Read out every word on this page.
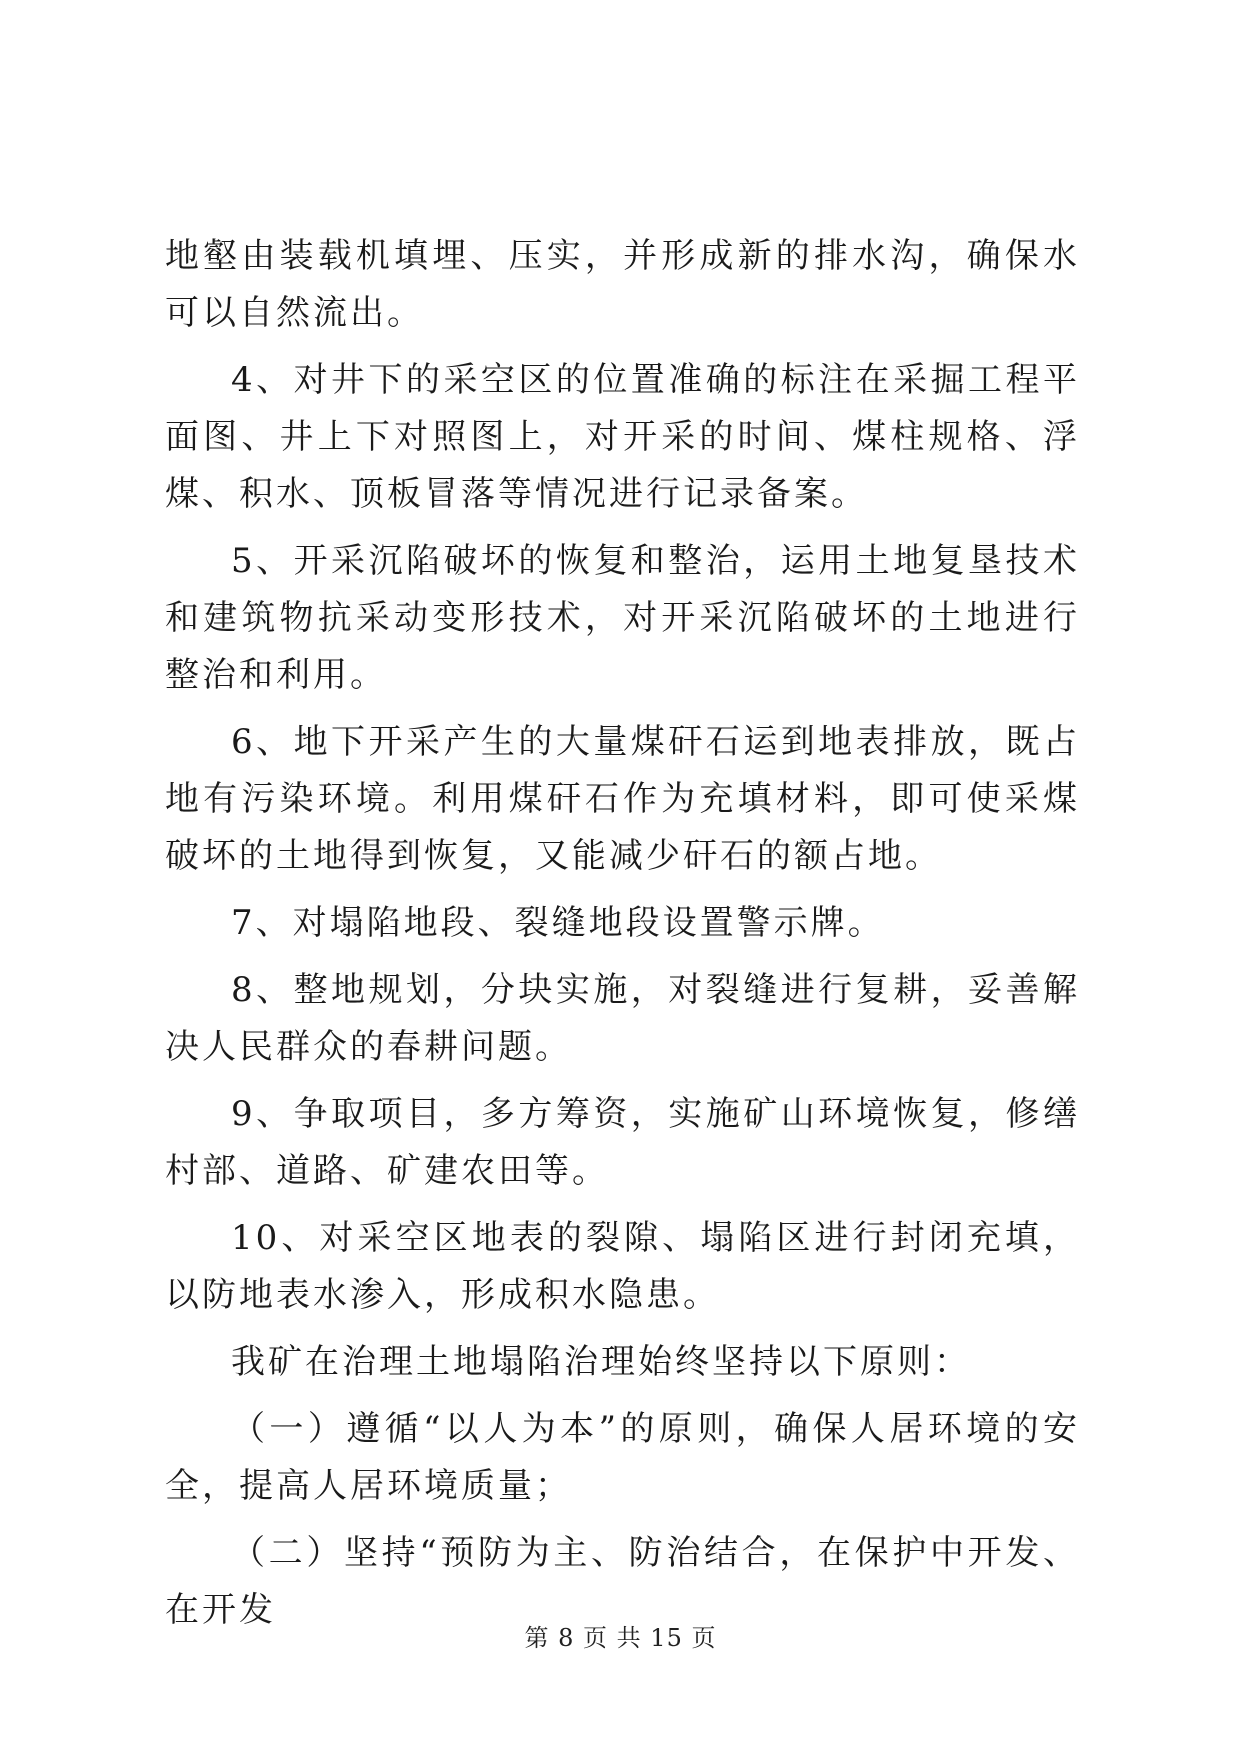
地壑由装载机填埋、压实，并形成新的排水沟，确保水可以自然流出。

4、对井下的采空区的位置准确的标注在采掘工程平面图、井上下对照图上，对开采的时间、煤柱规格、浮煤、积水、顶板冒落等情况进行记录备案。

5、开采沉陷破坏的恢复和整治，运用土地复垦技术和建筑物抗采动变形技术，对开采沉陷破坏的土地进行整治和利用。

6、地下开采产生的大量煤矸石运到地表排放，既占地有污染环境。利用煤矸石作为充填材料，即可使采煤破坏的土地得到恢复，又能减少矸石的额占地。

7、对塌陷地段、裂缝地段设置警示牌。

8、整地规划，分块实施，对裂缝进行复耕，妥善解决人民群众的春耕问题。

9、争取项目，多方筹资，实施矿山环境恢复，修缮村部、道路、矿建农田等。

10、对采空区地表的裂隙、塌陷区进行封闭充填，以防地表水渗入，形成积水隐患。

我矿在治理土地塌陷治理始终坚持以下原则：

（一）遵循“以人为本”的原则，确保人居环境的安全，提高人居环境质量；

（二）坚持“预防为主、防治结合，在保护中开发、在开发

第 8 页 共 15 页
